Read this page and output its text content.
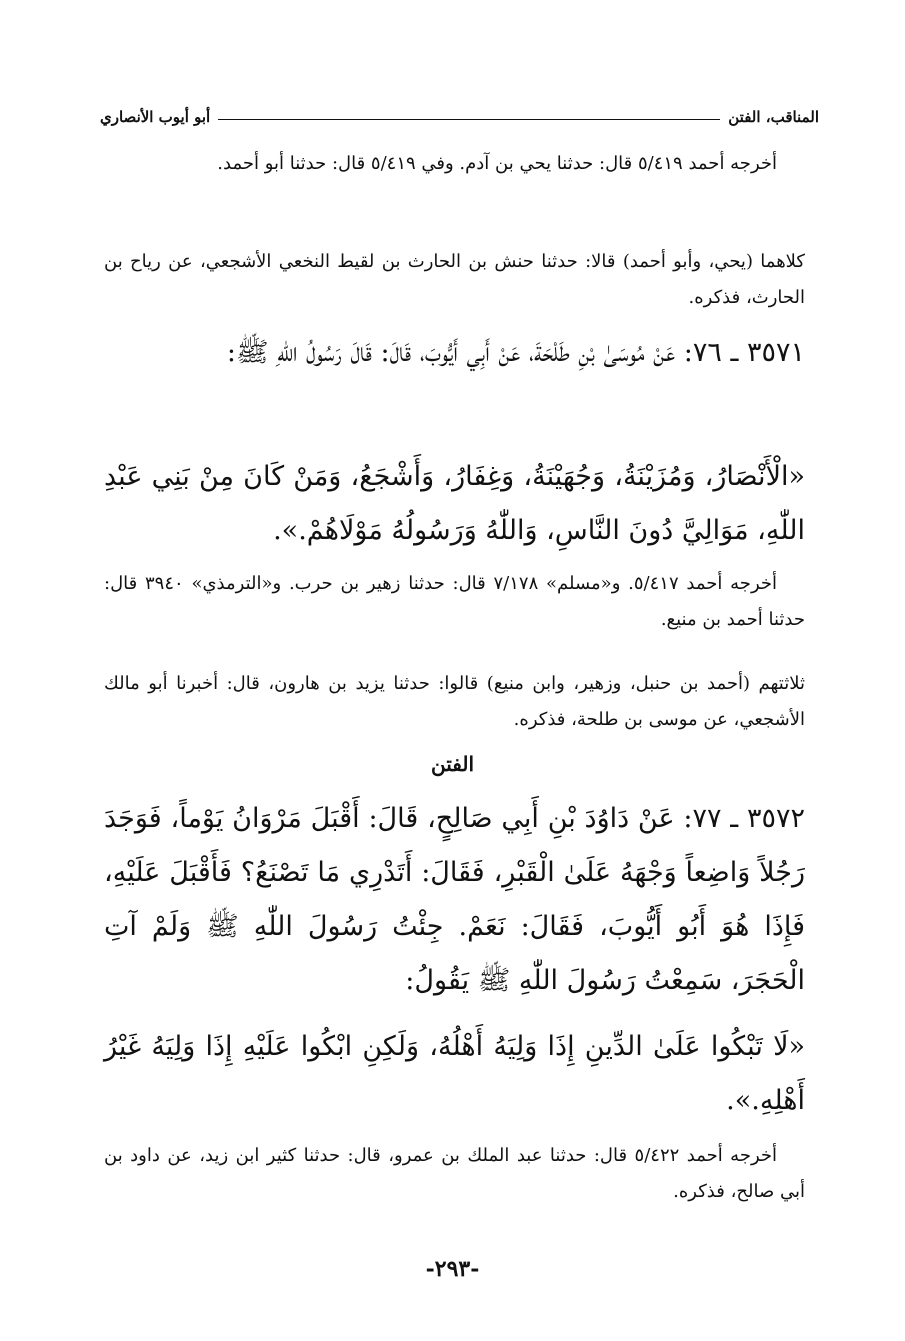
المناقب، الفتن
أبو أيوب الأنصاري
أخرجه أحمد ٥/٤١٩ قال: حدثنا يحي بن آدم. وفي ٥/٤١٩ قال: حدثنا أبو أحمد.
كلاهما (يحي، وأبو أحمد) قالا: حدثنا حنش بن الحارث بن لقيط النخعي الأشجعي، عن رياح بن الحارث، فذكره.
٣٥٧١ ـ ٧٦: عَنْ مُوسَىٰ بْنِ طَلْحَةَ، عَنْ أَبِي أَيُّوبَ، قَالَ: قَالَ رَسُولُ اللّٰهِ ﷺ:
«الْأَنْصَارُ، وَمُزَيْنَةُ، وَجُهَيْنَةُ، وَغِفَارُ، وَأَشْجَعُ، وَمَنْ كَانَ مِنْ بَنِي عَبْدِ اللّٰهِ، مَوَالِيَّ دُونَ النَّاسِ، وَاللّٰهُ وَرَسُولُهُ مَوْلَاهُمْ.».
أخرجه أحمد ٥/٤١٧. و«مسلم» ٧/١٧٨ قال: حدثنا زهير بن حرب. و«الترمذي» ٣٩٤٠ قال: حدثنا أحمد بن منيع.
ثلاثتهم (أحمد بن حنبل، وزهير، وابن منيع) قالوا: حدثنا يزيد بن هارون، قال: أخبرنا أبو مالك الأشجعي، عن موسى بن طلحة، فذكره.
الفتن
٣٥٧٢ ـ ٧٧: عَنْ دَاوُدَ بْنِ أَبِي صَالِحٍ، قَالَ: أَقْبَلَ مَرْوَانُ يَوْماً، فَوَجَدَ رَجُلاً وَاضِعاً وَجْهَهُ عَلَىٰ الْقَبْرِ، فَقَالَ: أَتَدْرِي مَا تَصْنَعُ؟ فَأَقْبَلَ عَلَيْهِ، فَإِذَا هُوَ أَبُو أَيُّوبَ، فَقَالَ: نَعَمْ. جِئْتُ رَسُولَ اللّٰهِ ﷺ وَلَمْ آتِ الْحَجَرَ، سَمِعْتُ رَسُولَ اللّٰهِ ﷺ يَقُولُ:
«لَا تَبْكُوا عَلَىٰ الدِّينِ إِذَا وَلِيَهُ أَهْلُهُ، وَلَكِنِ ابْكُوا عَلَيْهِ إِذَا وَلِيَهُ غَيْرُ أَهْلِهِ.».
أخرجه أحمد ٥/٤٢٢ قال: حدثنا عبد الملك بن عمرو، قال: حدثنا كثير ابن زيد، عن داود بن أبي صالح، فذكره.
-٢٩٣-
